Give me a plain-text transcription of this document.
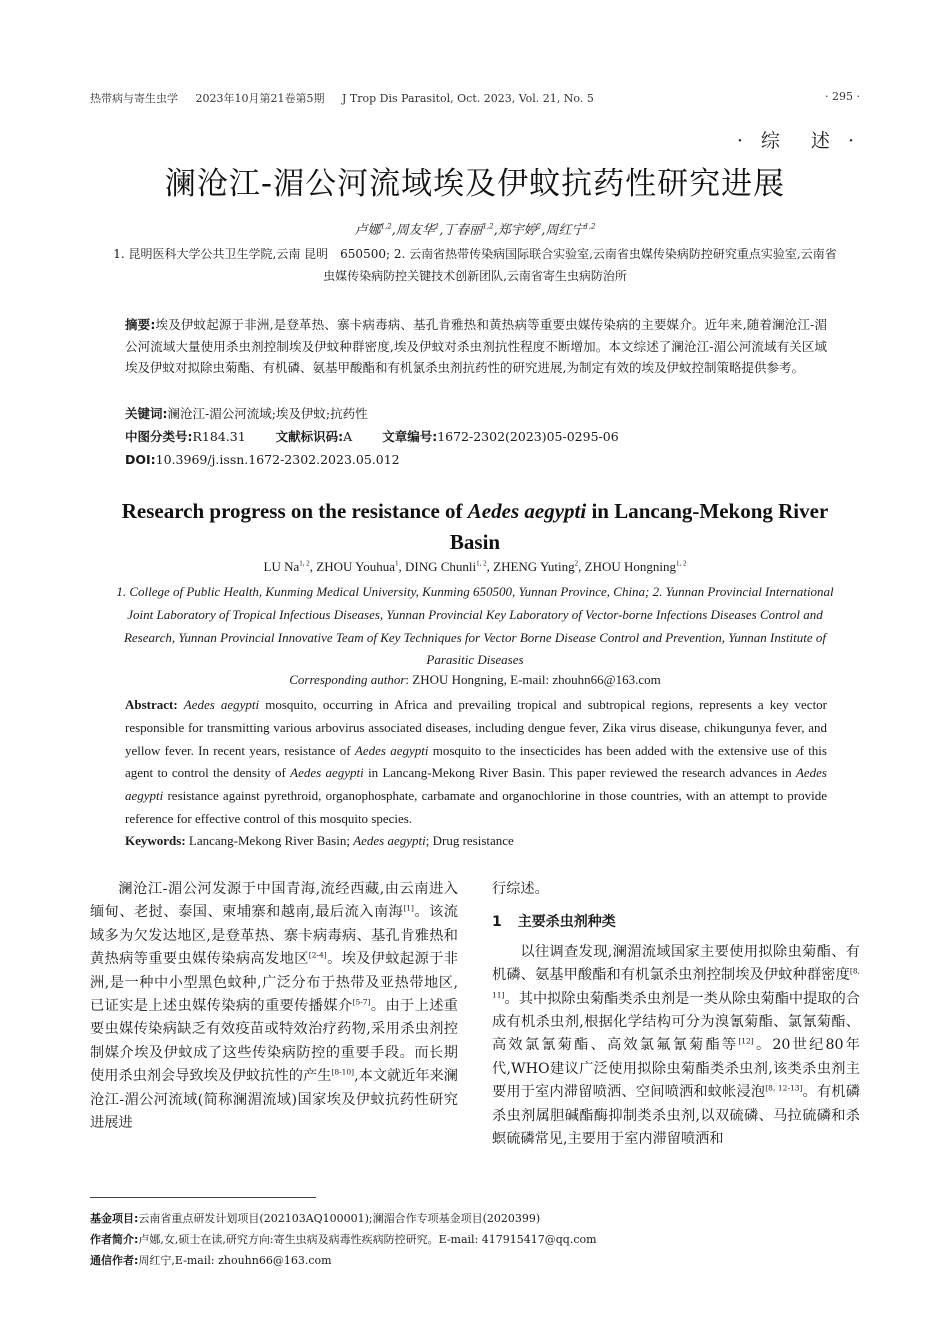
热带病与寄生虫学 2023年10月第21卷第5期 J Trop Dis Parasitol, Oct. 2023, Vol. 21, No. 5	· 295 ·
· 综　述 ·
澜沧江-湄公河流域埃及伊蚊抗药性研究进展
卢娜$^{1,2}$,周友华$^1$,丁春丽$^{1,2}$,郑宇婷$^2$,周红宁$^{1,2}$
1. 昆明医科大学公共卫生学院,云南 昆明　650500; 2. 云南省热带传染病国际联合实验室,云南省虫媒传染病防控研究重点实验室,云南省虫媒传染病防控关键技术创新团队,云南省寄生虫病防治所
摘要:埃及伊蚊起源于非洲,是登革热、寨卡病毒病、基孔肯雅热和黄热病等重要虫媒传染病的主要媒介。近年来,随着澜沧江-湄公河流域大量使用杀虫剂控制埃及伊蚊种群密度,埃及伊蚊对杀虫剂抗性程度不断增加。本文综述了澜沧江-湄公河流域有关区域埃及伊蚊对拟除虫菊酯、有机磷、氨基甲酸酯和有机氯杀虫剂抗药性的研究进展,为制定有效的埃及伊蚊控制策略提供参考。
关键词:澜沧江-湄公河流域;埃及伊蚊;抗药性
中图分类号:R184.31 文献标识码:A 文章编号:1672-2302(2023)05-0295-06
DOI:10.3969/j.issn.1672-2302.2023.05.012
Research progress on the resistance of Aedes aegypti in Lancang-Mekong River Basin
LU Na$^{1, 2}$, ZHOU Youhua$^1$, DING Chunli$^{1, 2}$, ZHENG Yuting$^2$, ZHOU Hongning$^{1, 2}$
1. College of Public Health, Kunming Medical University, Kunming 650500, Yunnan Province, China; 2. Yunnan Provincial International Joint Laboratory of Tropical Infectious Diseases, Yunnan Provincial Key Laboratory of Vector-borne Infections Diseases Control and Research, Yunnan Provincial Innovative Team of Key Techniques for Vector Borne Disease Control and Prevention, Yunnan Institute of Parasitic Diseases
Corresponding author: ZHOU Hongning, E-mail: zhouhn66@163.com
Abstract: Aedes aegypti mosquito, occurring in Africa and prevailing tropical and subtropical regions, represents a key vector responsible for transmitting various arbovirus associated diseases, including dengue fever, Zika virus disease, chikungunya fever, and yellow fever. In recent years, resistance of Aedes aegypti mosquito to the insecticides has been added with the extensive use of this agent to control the density of Aedes aegypti in Lancang-Mekong River Basin. This paper reviewed the research advances in Aedes aegypti resistance against pyrethroid, organophosphate, carbamate and organochlorine in those countries, with an attempt to provide reference for effective control of this mosquito species.
Keywords: Lancang-Mekong River Basin; Aedes aegypti; Drug resistance

澜沧江-湄公河发源于中国青海,流经西藏,由云南进入缅甸、老挝、泰国、柬埔寨和越南,最后流入南海[1]。该流域多为欠发达地区,是登革热、寨卡病毒病、基孔肯雅热和黄热病等重要虫媒传染病高发地区[2-4]。埃及伊蚊起源于非洲,是一种中小型黑色蚊种,广泛分布于热带及亚热带地区,已证实是上述虫媒传染病的重要传播媒介[5-7]。由于上述重要虫媒传染病缺乏有效疫苗或特效治疗药物,采用杀虫剂控制媒介埃及伊蚊成了这些传染病防控的重要手段。而长期使用杀虫剂会导致埃及伊蚊抗性的产生[8-10],本文就近年来澜沧江-湄公河流域(简称澜湄流域)国家埃及伊蚊抗药性研究进展进

行综述。

1 主要杀虫剂种类

以往调查发现,澜湄流域国家主要使用拟除虫菊酯、有机磷、氨基甲酸酯和有机氯杀虫剂控制埃及伊蚊种群密度[8, 11]。其中拟除虫菊酯类杀虫剂是一类从除虫菊酯中提取的合成有机杀虫剂,根据化学结构可分为溴氰菊酯、氯氰菊酯、高效氯氰菊酯、高效氯氟氰菊酯等[12]。20世纪80年代,WHO建议广泛使用拟除虫菊酯类杀虫剂,该类杀虫剂主要用于室内滞留喷洒、空间喷洒和蚊帐浸泡[8, 12-13]。有机磷杀虫剂属胆碱酯酶抑制类杀虫剂,以双硫磷、马拉硫磷和杀螟硫磷常见,主要用于室内滞留喷洒和

基金项目:云南省重点研发计划项目(202103AQ100001);澜湄合作专项基金项目(2020399)
作者简介:卢娜,女,硕士在读,研究方向:寄生虫病及病毒性疾病防控研究。E-mail: 417915417@qq.com
通信作者:周红宁,E-mail: zhouhn66@163.com
